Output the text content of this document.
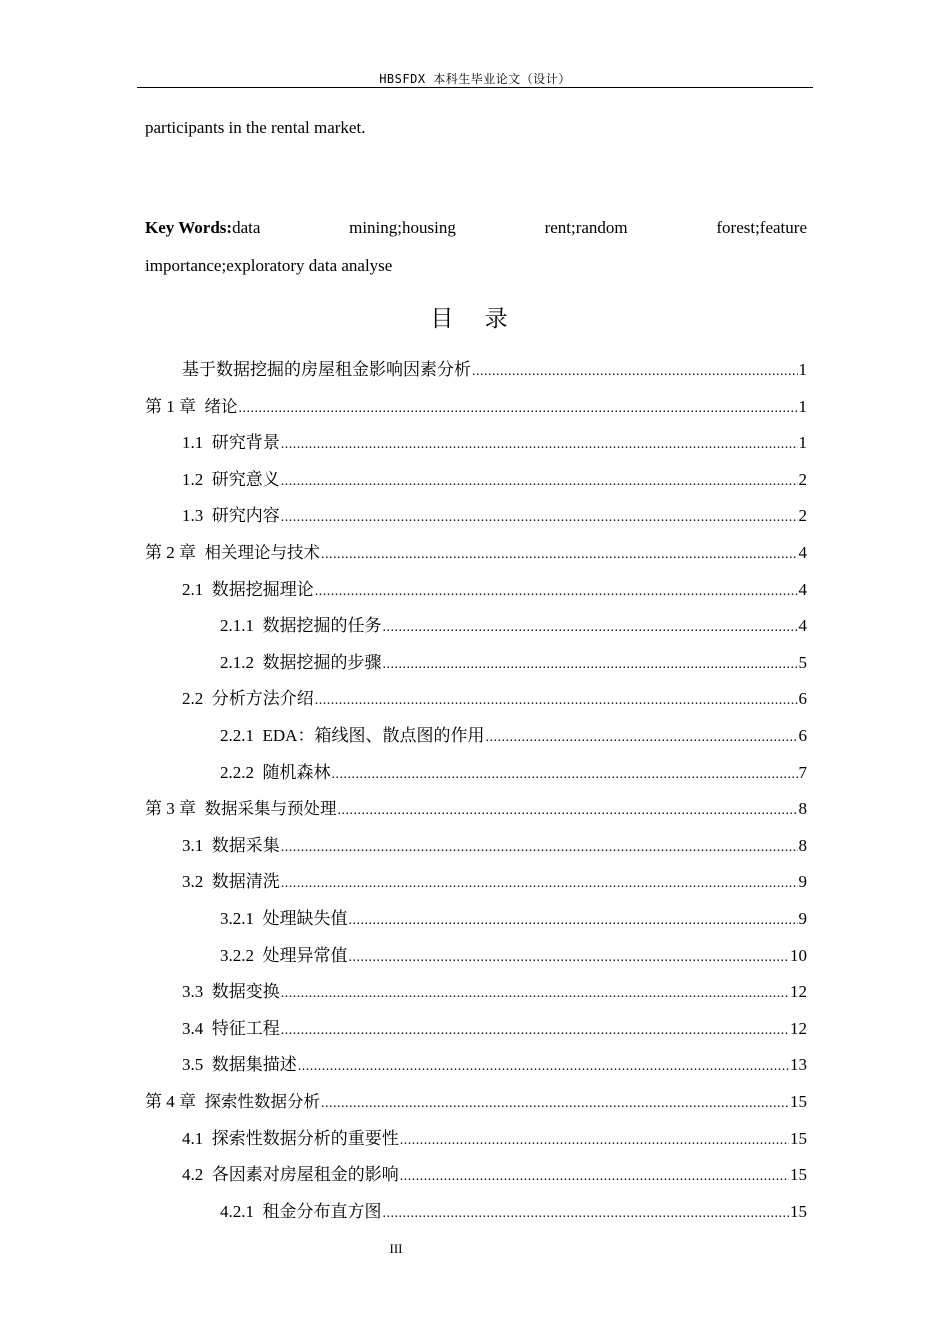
HBSFDX 本科生毕业论文（设计）
participants in the rental market.
Key Words:data	mining;housing	rent;random	forest;feature
importance;exploratory data analyse
目 录
基于数据挖掘的房屋租金影响因素分析 .....	1
第 1 章 绪论 .....	1
1.1 研究背景 .....	1
1.2 研究意义 .....	2
1.3 研究内容 .....	2
第 2 章 相关理论与技术 .....	4
2.1 数据挖掘理论 .....	4
2.1.1 数据挖掘的任务 .....	4
2.1.2 数据挖掘的步骤 .....	5
2.2 分析方法介绍 .....	6
2.2.1 EDA：箱线图、散点图的作用 .....	6
2.2.2 随机森林 .....	7
第 3 章 数据采集与预处理 .....	8
3.1 数据采集 .....	8
3.2 数据清洗 .....	9
3.2.1 处理缺失值 .....	9
3.2.2 处理异常值 .....	10
3.3 数据变换 .....	12
3.4 特征工程 .....	12
3.5 数据集描述 .....	13
第 4 章 探索性数据分析 .....	15
4.1 探索性数据分析的重要性 .....	15
4.2 各因素对房屋租金的影响 .....	15
4.2.1 租金分布直方图 .....	15
III
